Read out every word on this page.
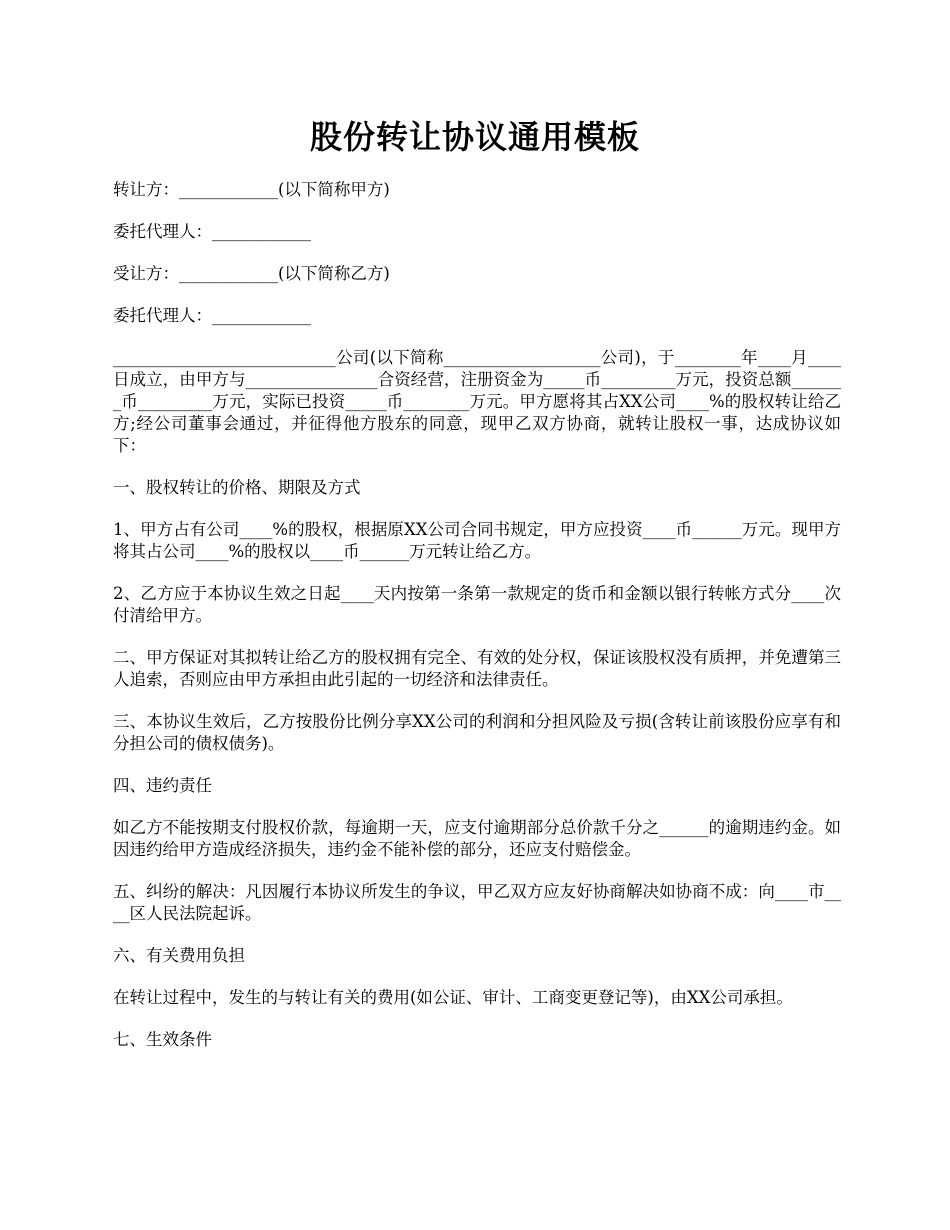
股份转让协议通用模板

转让方：____________(以下简称甲方)

委托代理人：____________

受让方：____________(以下简称乙方)

委托代理人：____________

___________________________公司(以下简称___________________公司)，于________年____月____日成立，由甲方与________________合资经营，注册资金为_____币_________万元，投资总额_______币_________万元，实际已投资_____币________万元。甲方愿将其占XX公司____%的股权转让给乙方;经公司董事会通过，并征得他方股东的同意，现甲乙双方协商，就转让股权一事，达成协议如下：

一、股权转让的价格、期限及方式

1、甲方占有公司____%的股权，根据原XX公司合同书规定，甲方应投资____币______万元。现甲方将其占公司____%的股权以____币______万元转让给乙方。

2、乙方应于本协议生效之日起____天内按第一条第一款规定的货币和金额以银行转帐方式分____次付清给甲方。

二、甲方保证对其拟转让给乙方的股权拥有完全、有效的处分权，保证该股权没有质押，并免遭第三人追索，否则应由甲方承担由此引起的一切经济和法律责任。

三、本协议生效后，乙方按股份比例分享XX公司的利润和分担风险及亏损(含转让前该股份应享有和分担公司的债权债务)。

四、违约责任

如乙方不能按期支付股权价款，每逾期一天，应支付逾期部分总价款千分之______的逾期违约金。如因违约给甲方造成经济损失，违约金不能补偿的部分，还应支付赔偿金。

五、纠纷的解决：凡因履行本协议所发生的争议，甲乙双方应友好协商解决如协商不成：向____市____区人民法院起诉。

六、有关费用负担

在转让过程中，发生的与转让有关的费用(如公证、审计、工商变更登记等)，由XX公司承担。

七、生效条件
